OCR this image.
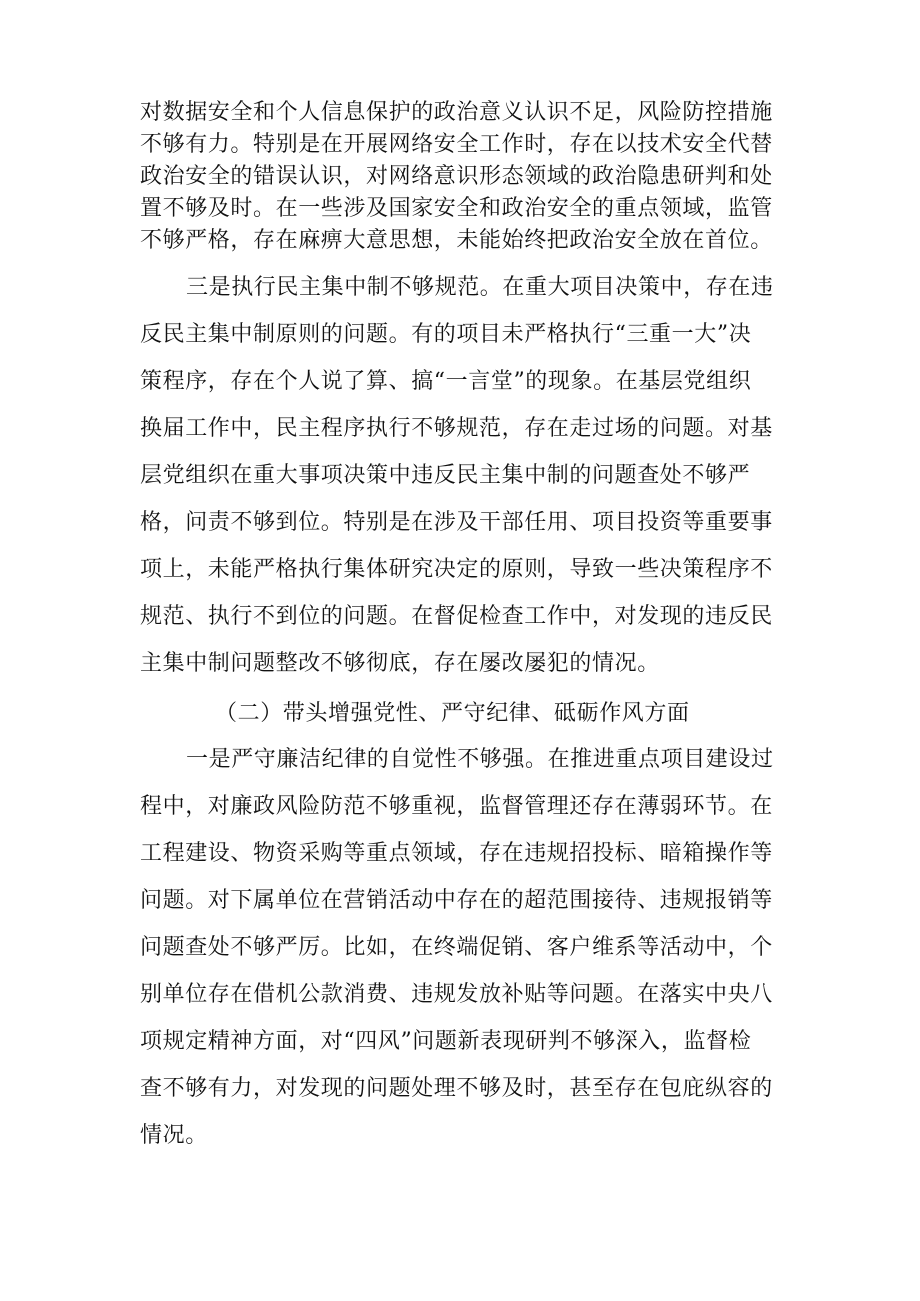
对数据安全和个人信息保护的政治意义认识不足，风险防控措施
不够有力。特别是在开展网络安全工作时，存在以技术安全代替
政治安全的错误认识，对网络意识形态领域的政治隐患研判和处
置不够及时。在一些涉及国家安全和政治安全的重点领域，监管
不够严格，存在麻痹大意思想，未能始终把政治安全放在首位。
三是执行民主集中制不够规范。在重大项目决策中，存在违
反民主集中制原则的问题。有的项目未严格执行“三重一大”决
策程序，存在个人说了算、搞“一言堂”的现象。在基层党组织
换届工作中，民主程序执行不够规范，存在走过场的问题。对基
层党组织在重大事项决策中违反民主集中制的问题查处不够严
格，问责不够到位。特别是在涉及干部任用、项目投资等重要事
项上，未能严格执行集体研究决定的原则，导致一些决策程序不
规范、执行不到位的问题。在督促检查工作中，对发现的违反民
主集中制问题整改不够彻底，存在屡改屡犯的情况。
（二）带头增强党性、严守纪律、砥砺作风方面
一是严守廉洁纪律的自觉性不够强。在推进重点项目建设过
程中，对廉政风险防范不够重视，监督管理还存在薄弱环节。在
工程建设、物资采购等重点领域，存在违规招投标、暗箱操作等
问题。对下属单位在营销活动中存在的超范围接待、违规报销等
问题查处不够严厉。比如，在终端促销、客户维系等活动中，个
别单位存在借机公款消费、违规发放补贴等问题。在落实中央八
项规定精神方面，对“四风”问题新表现研判不够深入，监督检
查不够有力，对发现的问题处理不够及时，甚至存在包庇纵容的
情况。
